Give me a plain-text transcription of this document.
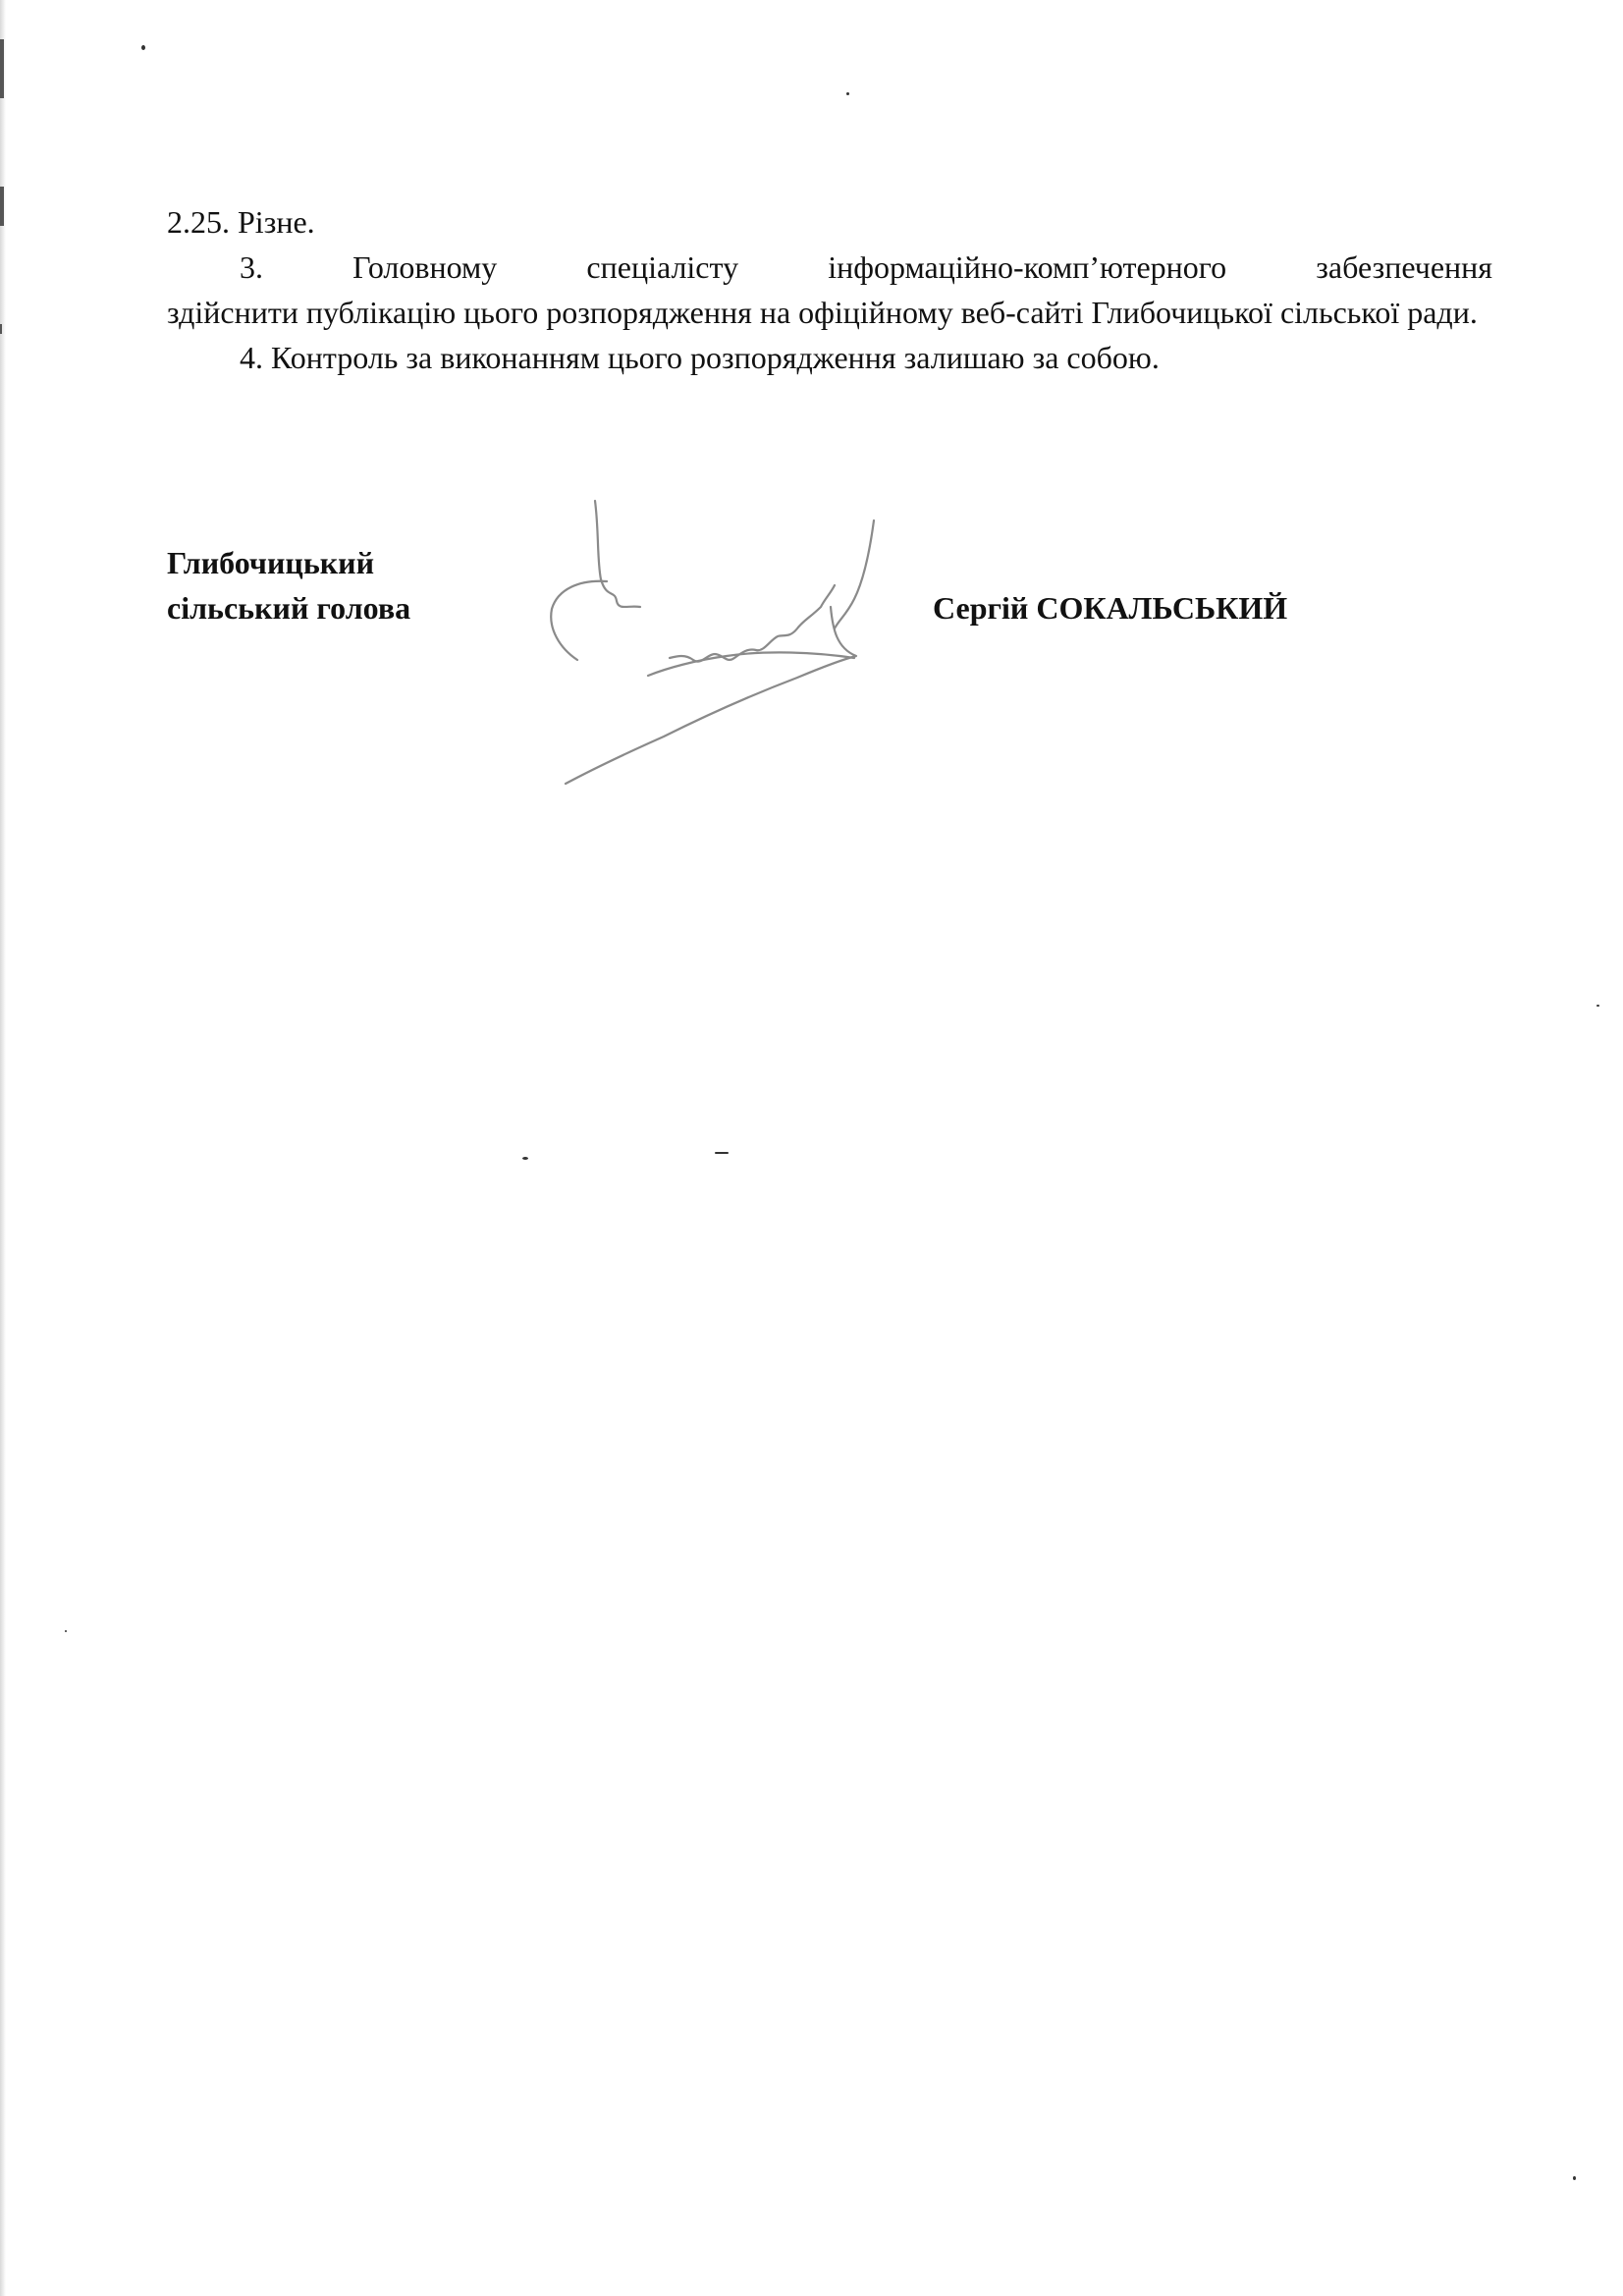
2.25. Різне.

3. Головному спеціалісту інформаційно-комп’ютерного забезпечення

здійснити публікацію цього розпорядження на офіційному веб-сайті Глибочицької сільської ради.

4. Контроль за виконанням цього розпорядження залишаю за собою.

Глибочицький
сільський голова	Сергій СОКАЛЬСЬКИЙ
